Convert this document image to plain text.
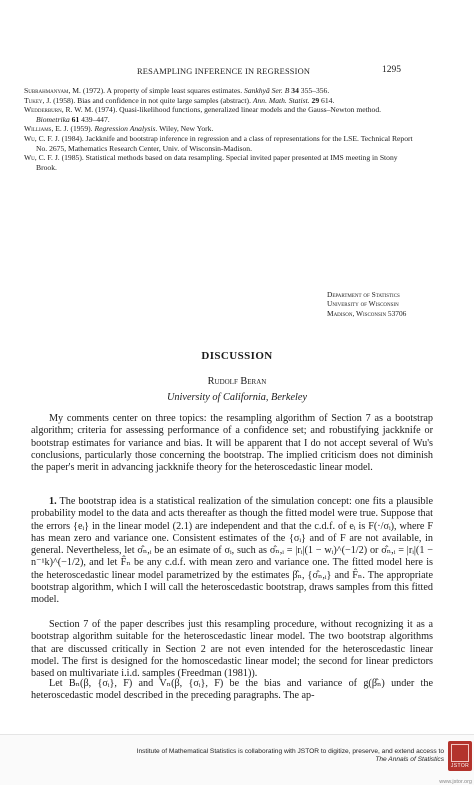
RESAMPLING INFERENCE IN REGRESSION	1295

Subrahmanyam, M. (1972). A property of simple least squares estimates. Sankhyā Ser. B 34 355–356.

Tukey, J. (1958). Bias and confidence in not quite large samples (abstract). Ann. Math. Statist. 29 614.

Wedderburn, R. W. M. (1974). Quasi-likelihood functions, generalized linear models and the Gauss–Newton method. Biometrika 61 439–447.

Williams, E. J. (1959). Regression Analysis. Wiley, New York.

Wu, C. F. J. (1984). Jackknife and bootstrap inference in regression and a class of representations for the LSE. Technical Report No. 2675, Mathematics Research Center, Univ. of Wisconsin-Madison.

Wu, C. F. J. (1985). Statistical methods based on data resampling. Special invited paper presented at IMS meeting in Stony Brook.

Department of Statistics
University of Wisconsin
Madison, Wisconsin 53706
DISCUSSION
Rudolf Beran
University of California, Berkeley

My comments center on three topics: the resampling algorithm of Section 7 as a bootstrap algorithm; criteria for assessing performance of a confidence set; and robustifying jackknife or bootstrap estimates for variance and bias. It will be apparent that I do not accept several of Wu's conclusions, particularly those concerning the bootstrap. The implied criticism does not diminish the paper's merit in advancing jackknife theory for the heteroscedastic linear model.

1. The bootstrap idea is a statistical realization of the simulation concept: one fits a plausible probability model to the data and acts thereafter as though the fitted model were true. Suppose that the errors {eᵢ} in the linear model (2.1) are independent and that the c.d.f. of eᵢ is F(·/σᵢ), where F has mean zero and variance one. Consistent estimates of the {σᵢ} and of F are not available, in general. Nevertheless, let σ̂ₙ,ᵢ be an esimate of σᵢ, such as σ̂ₙ,ᵢ = |rᵢ|(1 − wᵢ)^(−1/2) or σ̂ₙ,ᵢ = |rᵢ|(1 − n⁻¹k)^(−1/2), and let F̂ₙ be any c.d.f. with mean zero and variance one. The fitted model here is the heteroscedastic linear model parametrized by the estimates β̂ₙ, {σ̂ₙ,ᵢ} and F̂ₙ. The appropriate bootstrap algorithm, which I will call the heteroscedastic bootstrap, draws samples from this fitted model.

Section 7 of the paper describes just this resampling procedure, without recognizing it as a bootstrap algorithm suitable for the heteroscedastic linear model. The two bootstrap algorithms that are discussed critically in Section 2 are not even intended for the heteroscedastic linear model. The first is designed for the homoscedastic linear model; the second for linear predictors based on multivariate i.i.d. samples (Freedman (1981)).

Let Bₙ(β, {σᵢ}, F) and Vₙ(β, {σᵢ}, F) be the bias and variance of g(β̂ₙ) under the heteroscedastic model described in the preceding paragraphs. The ap-

Institute of Mathematical Statistics is collaborating with JSTOR to digitize, preserve, and extend access to
The Annals of Statistics
JSTOR
www.jstor.org
